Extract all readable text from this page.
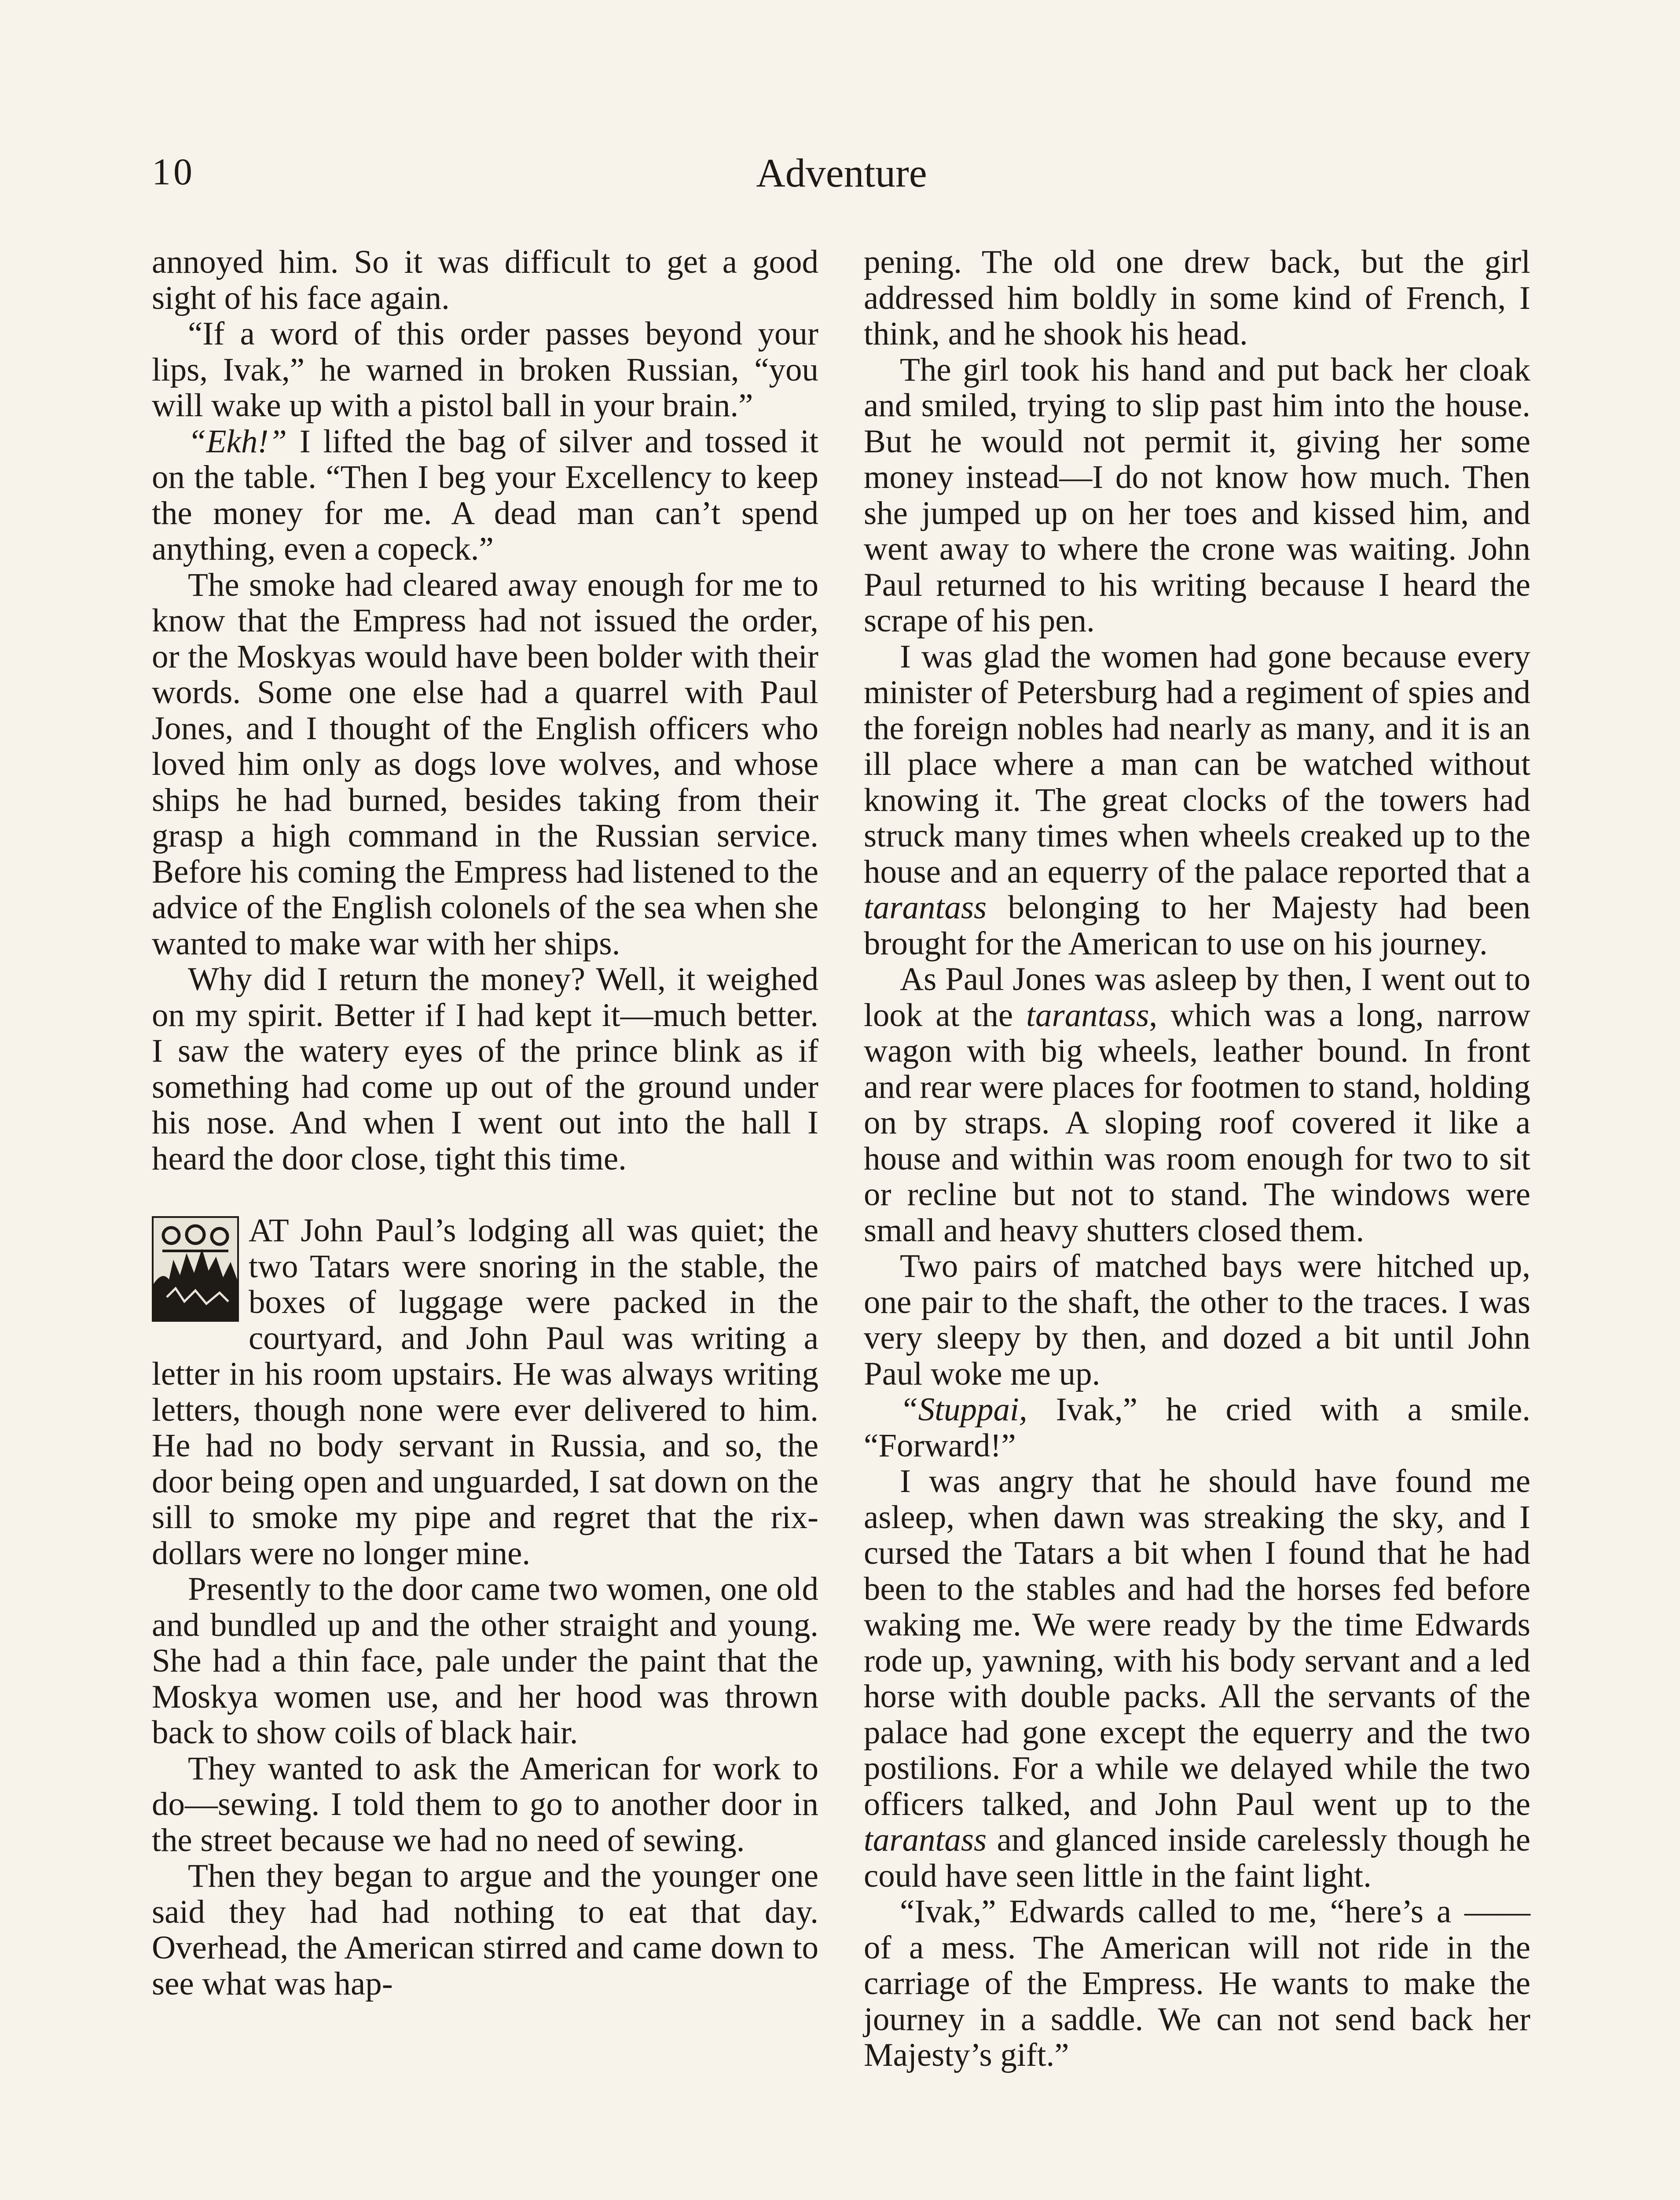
10	Adventure

annoyed him. So it was difficult to get a good sight of his face again.

“If a word of this order passes beyond your lips, Ivak,” he warned in broken Russian, “you will wake up with a pistol ball in your brain.”

“Ekh!” I lifted the bag of silver and tossed it on the table. “Then I beg your Excellency to keep the money for me. A dead man can’t spend anything, even a copeck.”

The smoke had cleared away enough for me to know that the Empress had not issued the order, or the Moskyas would have been bolder with their words. Some one else had a quarrel with Paul Jones, and I thought of the English officers who loved him only as dogs love wolves, and whose ships he had burned, besides taking from their grasp a high command in the Russian service. Before his coming the Empress had listened to the advice of the English colonels of the sea when she wanted to make war with her ships.

Why did I return the money? Well, it weighed on my spirit. Better if I had kept it—much better. I saw the watery eyes of the prince blink as if something had come up out of the ground under his nose. And when I went out into the hall I heard the door close, tight this time.

AT John Paul’s lodging all was quiet; the two Tatars were snoring in the stable, the boxes of luggage were packed in the courtyard, and John Paul was writing a letter in his room upstairs. He was always writing letters, though none were ever delivered to him. He had no body servant in Russia, and so, the door being open and unguarded, I sat down on the sill to smoke my pipe and regret that the rix-dollars were no longer mine.

Presently to the door came two women, one old and bundled up and the other straight and young. She had a thin face, pale under the paint that the Moskya women use, and her hood was thrown back to show coils of black hair.

They wanted to ask the American for work to do—sewing. I told them to go to another door in the street because we had no need of sewing.

Then they began to argue and the younger one said they had had nothing to eat that day. Overhead, the American stirred and came down to see what was hap-

pening. The old one drew back, but the girl addressed him boldly in some kind of French, I think, and he shook his head.

The girl took his hand and put back her cloak and smiled, trying to slip past him into the house. But he would not permit it, giving her some money instead—I do not know how much. Then she jumped up on her toes and kissed him, and went away to where the crone was waiting. John Paul returned to his writing because I heard the scrape of his pen.

I was glad the women had gone because every minister of Petersburg had a regiment of spies and the foreign nobles had nearly as many, and it is an ill place where a man can be watched without knowing it. The great clocks of the towers had struck many times when wheels creaked up to the house and an equerry of the palace reported that a tarantass belonging to her Majesty had been brought for the American to use on his journey.

As Paul Jones was asleep by then, I went out to look at the tarantass, which was a long, narrow wagon with big wheels, leather bound. In front and rear were places for footmen to stand, holding on by straps. A sloping roof covered it like a house and within was room enough for two to sit or recline but not to stand. The windows were small and heavy shutters closed them.

Two pairs of matched bays were hitched up, one pair to the shaft, the other to the traces. I was very sleepy by then, and dozed a bit until John Paul woke me up.

“Stuppai, Ivak,” he cried with a smile. “Forward!”

I was angry that he should have found me asleep, when dawn was streaking the sky, and I cursed the Tatars a bit when I found that he had been to the stables and had the horses fed before waking me. We were ready by the time Edwards rode up, yawning, with his body servant and a led horse with double packs. All the servants of the palace had gone except the equerry and the two postilions. For a while we delayed while the two officers talked, and John Paul went up to the tarantass and glanced inside carelessly though he could have seen little in the faint light.

“Ivak,” Edwards called to me, “here’s a —— of a mess. The American will not ride in the carriage of the Empress. He wants to make the journey in a saddle. We can not send back her Majesty’s gift.”
